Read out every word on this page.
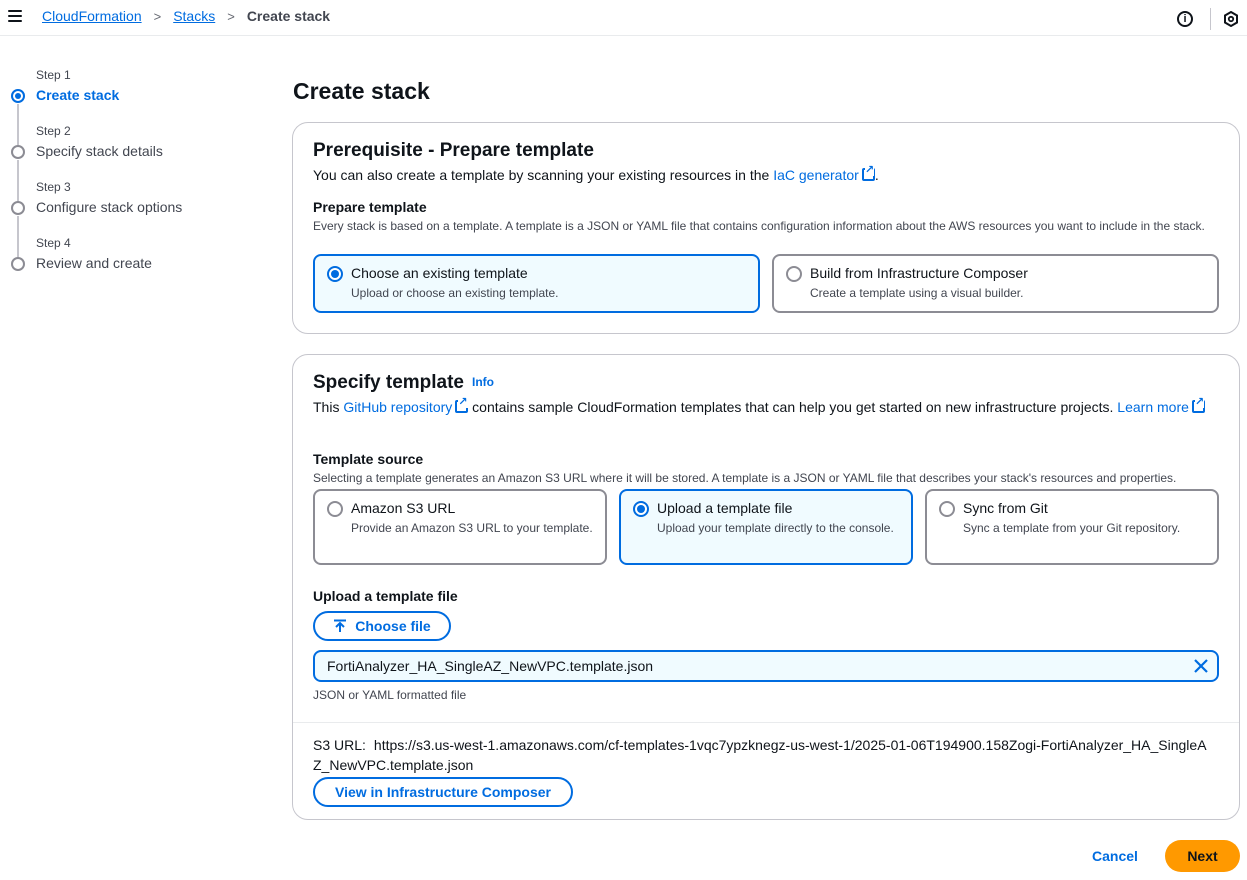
CloudFormation > Stacks > Create stack	i
Step 1
Create stack
Step 2
Specify stack details
Step 3
Configure stack options
Step 4
Review and create
Create stack
Prerequisite - Prepare template

You can also create a template by scanning your existing resources in the IaC generator ↗ .

Prepare template
Every stack is based on a template. A template is a JSON or YAML file that contains configuration information about the AWS resources you want to include in the stack.
Choose an existing template
Upload or choose an existing template.
Build from Infrastructure Composer
Create a template using a visual builder.
Specify template Info

This GitHub repository ↗ contains sample CloudFormation templates that can help you get started on new infrastructure projects. Learn more↗

Template source
Selecting a template generates an Amazon S3 URL where it will be stored. A template is a JSON or YAML file that describes your stack's resources and properties.
Amazon S3 URL
Provide an Amazon S3 URL to your template.
Upload a template file
Upload your template directly to the console.
Sync from Git
Sync a template from your Git repository.
Upload a template file
Choose file
FortiAnalyzer_HA_SingleAZ_NewVPC.template.json
JSON or YAML formatted file
S3 URL: https://s3.us-west-1.amazonaws.com/cf-templates-1vqc7ypzknegz-us-west-1/2025-01-06T194900.158Zogi-FortiAnalyzer_HA_SingleAZ_NewVPC.template.json
View in Infrastructure Composer
Cancel	Next
